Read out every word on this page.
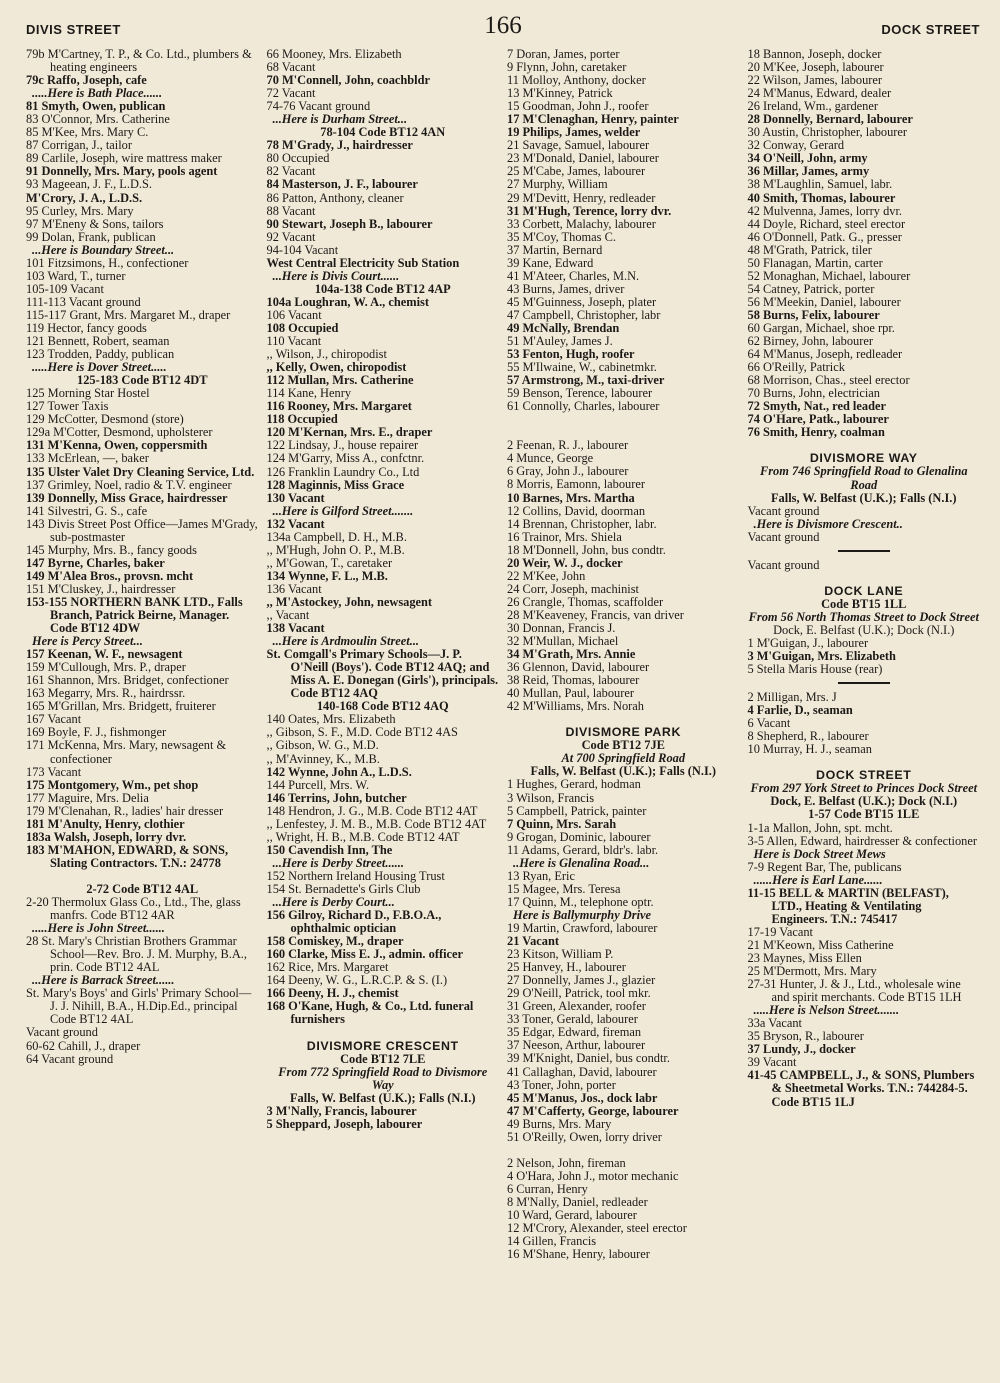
DIVIS STREET	166	DOCK STREET
79b M'Cartney, T. P., & Co. Ltd., plumbers & heating engineers
79c Raffo, Joseph, cafe
.....Here is Bath Place......
81 Smyth, Owen, publican
83 O'Connor, Mrs. Catherine
85 M'Kee, Mrs. Mary C.
87 Corrigan, J., tailor
89 Carlile, Joseph, wire mattress maker
91 Donnelly, Mrs. Mary, pools agent
93 Mageean, J. F., L.D.S.
M'Crory, J. A., L.D.S.
95 Curley, Mrs. Mary
97 M'Eneny & Sons, tailors
99 Dolan, Frank, publican
...Here is Boundary Street...
101 Fitzsimons, H., confectioner
103 Ward, T., turner
105-109 Vacant
111-113 Vacant ground
115-117 Grant, Mrs. Margaret M., draper
119 Hector, fancy goods
121 Bennett, Robert, seaman
123 Trodden, Paddy, publican
.....Here is Dover Street.....
125-183 Code BT12 4DT
125 Morning Star Hostel
127 Tower Taxis
129 McCotter, Desmond (store)
129a M'Cotter, Desmond, upholsterer
131 M'Kenna, Owen, coppersmith
133 McErlean, —, baker
135 Ulster Valet Dry Cleaning Service, Ltd.
137 Grimley, Noel, radio & T.V. engineer
139 Donnelly, Miss Grace, hairdresser
141 Silvestri, G. S., cafe
143 Divis Street Post Office—James M'Grady, sub-postmaster
145 Murphy, Mrs. B., fancy goods
147 Byrne, Charles, baker
149 M'Alea Bros., provsn. mcht
151 M'Cluskey, J., hairdresser
153-155 NORTHERN BANK LTD., Falls Branch, Patrick Beirne, Manager. Code BT12 4DW
Here is Percy Street...
157 Keenan, W. F., newsagent
159 M'Cullough, Mrs. P., draper
161 Shannon, Mrs. Bridget, confectioner
163 Megarry, Mrs. R., hairdrssr.
165 M'Grillan, Mrs. Bridgett, fruiterer
167 Vacant
169 Boyle, F. J., fishmonger
171 McKenna, Mrs. Mary, newsagent & confectioner
173 Vacant
175 Montgomery, Wm., pet shop
177 Maguire, Mrs. Delia
179 M'Clenahan, R., ladies' hair dresser
181 M'Anulty, Henry, clothier
183a Walsh, Joseph, lorry dvr.
183 M'MAHON, EDWARD, & SONS, Slating Contractors. T.N.: 24778
2-72 Code BT12 4AL
2-20 Thermolux Glass Co., Ltd., The, glass manfrs. Code BT12 4AR
.....Here is John Street......
28 St. Mary's Christian Brothers Grammar School—Rev. Bro. J. M. Murphy, B.A., prin. Code BT12 4AL
...Here is Barrack Street......
St. Mary's Boys' and Girls' Primary School—J. J. Nihill, B.A., H.Dip.Ed., principal Code BT12 4AL
Vacant ground
60-62 Cahill, J., draper
64 Vacant ground
66 Mooney, Mrs. Elizabeth
68 Vacant
70 M'Connell, John, coachbldr
72 Vacant
74-76 Vacant ground
...Here is Durham Street...
78-104 Code BT12 4AN
78 M'Grady, J., hairdresser
80 Occupied
82 Vacant
84 Masterson, J. F., labourer
86 Patton, Anthony, cleaner
88 Vacant
90 Stewart, Joseph B., labourer
92 Vacant
94-104 Vacant
West Central Electricity Sub Station
...Here is Divis Court......
104a-138 Code BT12 4AP
104a Loughran, W. A., chemist
106 Vacant
108 Occupied
110 Vacant
,, Wilson, J., chiropodist
,, Kelly, Owen, chiropodist
112 Mullan, Mrs. Catherine
114 Kane, Henry
116 Rooney, Mrs. Margaret
118 Occupied
120 M'Kernan, Mrs. E., draper
122 Lindsay, J., house repairer
124 M'Garry, Miss A., confctnr.
126 Franklin Laundry Co., Ltd
128 Maginnis, Miss Grace
130 Vacant
...Here is Gilford Street.......
132 Vacant
134a Campbell, D. H., M.B.
,, M'Hugh, John O. P., M.B.
,, M'Gowan, T., caretaker
134 Wynne, F. L., M.B.
136 Vacant
,, M'Astockey, John, newsagent
,, Vacant
138 Vacant
...Here is Ardmoulin Street...
St. Comgall's Primary Schools—J. P. O'Neill (Boys'). Code BT12 4AQ; and Miss A. E. Donegan (Girls'), principals. Code BT12 4AQ
140-168 Code BT12 4AQ
140 Oates, Mrs. Elizabeth
,, Gibson, S. F., M.D. Code BT12 4AS
,, Gibson, W. G., M.D.
,, M'Avinney, K., M.B.
142 Wynne, John A., L.D.S.
144 Purcell, Mrs. W.
146 Terrins, John, butcher
148 Hendron, J. G., M.B. Code BT12 4AT
,, Lenfestey, J. M. B., M.B. Code BT12 4AT
,, Wright, H. B., M.B. Code BT12 4AT
150 Cavendish Inn, The
...Here is Derby Street......
152 Northern Ireland Housing Trust
154 St. Bernadette's Girls Club
...Here is Derby Court...
156 Gilroy, Richard D., F.B.O.A., ophthalmic optician
158 Comiskey, M., draper
160 Clarke, Miss E. J., admin. officer
162 Rice, Mrs. Margaret
164 Deeny, W. G., L.R.C.P. & S. (I.)
166 Deeny, H. J., chemist
168 O'Kane, Hugh, & Co., Ltd. funeral furnishers
DIVISMORE CRESCENT
Code BT12 7LE
From 772 Springfield Road to Divismore Way
Falls, W. Belfast (U.K.); Falls (N.I.)
3 M'Nally, Francis, labourer
5 Sheppard, Joseph, labourer
7 Doran, James, porter
9 Flynn, John, caretaker
11 Molloy, Anthony, docker
13 M'Kinney, Patrick
15 Goodman, John J., roofer
17 M'Clenaghan, Henry, painter
19 Philips, James, welder
21 Savage, Samuel, labourer
23 M'Donald, Daniel, labourer
25 M'Cabe, James, labourer
27 Murphy, William
29 M'Devitt, Henry, redleader
31 M'Hugh, Terence, lorry dvr.
33 Corbett, Malachy, labourer
35 M'Coy, Thomas C.
37 Martin, Bernard
39 Kane, Edward
41 M'Ateer, Charles, M.N.
43 Burns, James, driver
45 M'Guinness, Joseph, plater
47 Campbell, Christopher, labr
49 McNally, Brendan
51 M'Auley, James J.
53 Fenton, Hugh, roofer
55 M'Ilwaine, W., cabinetmkr.
57 Armstrong, M., taxi-driver
59 Benson, Terence, labourer
61 Connolly, Charles, labourer
2 Feenan, R. J., labourer
4 Munce, George
6 Gray, John J., labourer
8 Morris, Eamonn, labourer
10 Barnes, Mrs. Martha
12 Collins, David, doorman
14 Brennan, Christopher, labr.
16 Trainor, Mrs. Shiela
18 M'Donnell, John, bus condtr.
20 Weir, W. J., docker
22 M'Kee, John
24 Corr, Joseph, machinist
26 Crangle, Thomas, scaffolder
28 M'Keaveney, Francis, van driver
30 Donnan, Francis J.
32 M'Mullan, Michael
34 M'Grath, Mrs. Annie
36 Glennon, David, labourer
38 Reid, Thomas, labourer
40 Mullan, Paul, labourer
42 M'Williams, Mrs. Norah
DIVISMORE PARK
Code BT12 7JE
At 700 Springfield Road
Falls, W. Belfast (U.K.); Falls (N.I.)
1 Hughes, Gerard, hodman
3 Wilson, Francis
5 Campbell, Patrick, painter
7 Quinn, Mrs. Sarah
9 Grogan, Dominic, labourer
11 Adams, Gerard, bldr's. labr.
..Here is Glenalina Road...
13 Ryan, Eric
15 Magee, Mrs. Teresa
17 Quinn, M., telephone optr.
Here is Ballymurphy Drive
19 Martin, Crawford, labourer
21 Vacant
23 Kitson, William P.
25 Hanvey, H., labourer
27 Donnelly, James J., glazier
29 O'Neill, Patrick, tool mkr.
31 Green, Alexander, roofer
33 Toner, Gerald, labourer
35 Edgar, Edward, fireman
37 Neeson, Arthur, labourer
39 M'Knight, Daniel, bus condtr.
41 Callaghan, David, labourer
43 Toner, John, porter
45 M'Manus, Jos., dock labr
47 M'Cafferty, George, labourer
49 Burns, Mrs. Mary
51 O'Reilly, Owen, lorry driver
2 Nelson, John, fireman
4 O'Hara, John J., motor mechanic
6 Curran, Henry
8 M'Nally, Daniel, redleader
10 Ward, Gerard, labourer
12 M'Crory, Alexander, steel erector
14 Gillen, Francis
16 M'Shane, Henry, labourer
18 Bannon, Joseph, docker
20 M'Kee, Joseph, labourer
22 Wilson, James, labourer
24 M'Manus, Edward, dealer
26 Ireland, Wm., gardener
28 Donnelly, Bernard, labourer
30 Austin, Christopher, labourer
32 Conway, Gerard
34 O'Neill, John, army
36 Millar, James, army
38 M'Laughlin, Samuel, labr.
40 Smith, Thomas, labourer
42 Mulvenna, James, lorry dvr.
44 Doyle, Richard, steel erector
46 O'Donnell, Patk. G., presser
48 M'Grath, Patrick, tiler
50 Flanagan, Martin, carter
52 Monaghan, Michael, labourer
54 Catney, Patrick, porter
56 M'Meekin, Daniel, labourer
58 Burns, Felix, labourer
60 Gargan, Michael, shoe rpr.
62 Birney, John, labourer
64 M'Manus, Joseph, redleader
66 O'Reilly, Patrick
68 Morrison, Chas., steel erector
70 Burns, John, electrician
72 Smyth, Nat., red leader
74 O'Hare, Patk., labourer
76 Smith, Henry, coalman
DIVISMORE WAY
From 746 Springfield Road to Glenalina Road
Falls, W. Belfast (U.K.); Falls (N.I.)
Vacant ground
.Here is Divismore Crescent..
Vacant ground
Vacant ground
DOCK LANE
Code BT15 1LL
From 56 North Thomas Street to Dock Street
Dock, E. Belfast (U.K.); Dock (N.I.)
1 M'Guigan, J., labourer
3 M'Guigan, Mrs. Elizabeth
5 Stella Maris House (rear)
2 Milligan, Mrs. J
4 Farlie, D., seaman
6 Vacant
8 Shepherd, R., labourer
10 Murray, H. J., seaman
DOCK STREET
From 297 York Street to Princes Dock Street
Dock, E. Belfast (U.K.); Dock (N.I.)
1-57 Code BT15 1LE
1-1a Mallon, John, spt. mcht.
3-5 Allen, Edward, hairdresser & confectioner
Here is Dock Street Mews
7-9 Regent Bar, The, publicans
......Here is Earl Lane......
11-15 BELL & MARTIN (BELFAST), LTD., Heating & Ventilating Engineers. T.N.: 745417
17-19 Vacant
21 M'Keown, Miss Catherine
23 Maynes, Miss Ellen
25 M'Dermott, Mrs. Mary
27-31 Hunter, J. & J., Ltd., wholesale wine and spirit merchants. Code BT15 1LH
.....Here is Nelson Street.......
33a Vacant
35 Bryson, R., labourer
37 Lundy, J., docker
39 Vacant
41-45 CAMPBELL, J., & SONS, Plumbers & Sheetmetal Works. T.N.: 744284-5. Code BT15 1LJ
